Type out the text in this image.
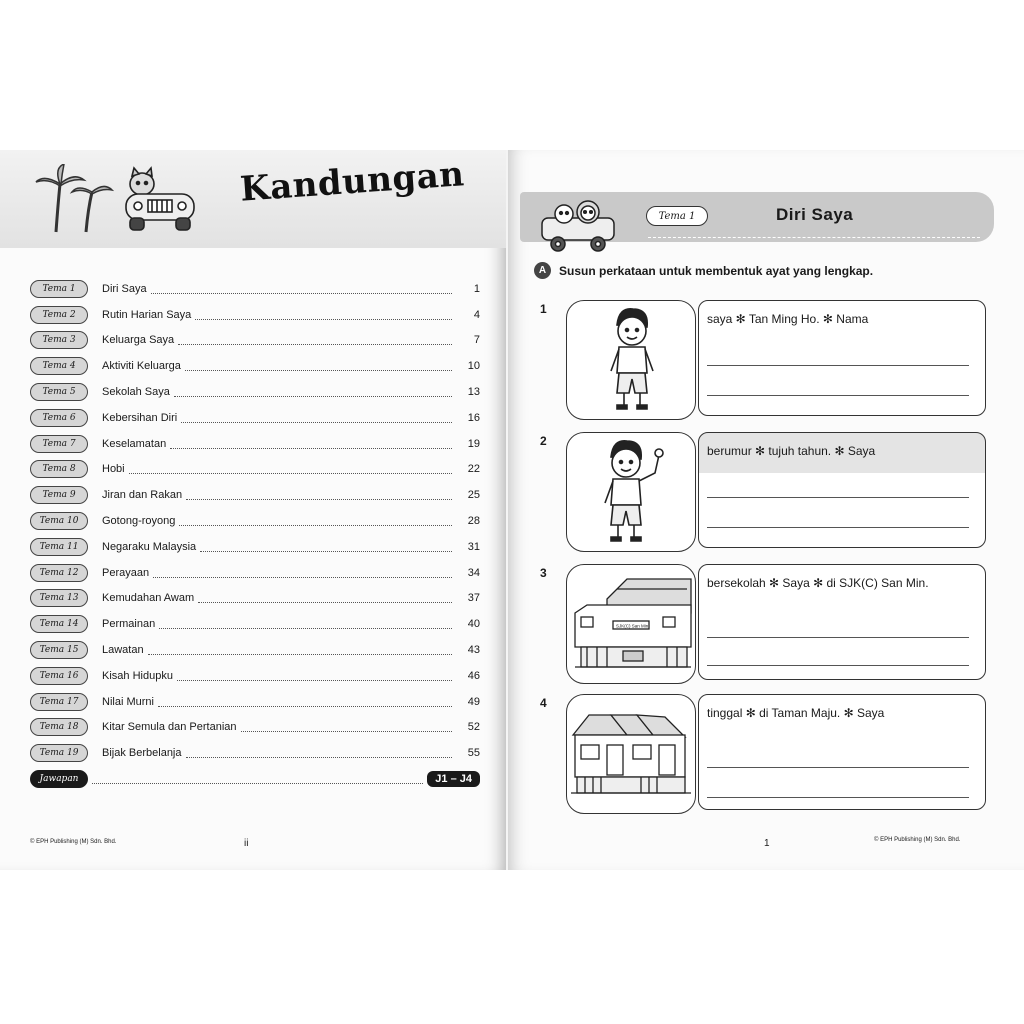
Kandungan
Tema 1	Diri Saya	1
Tema 2	Rutin Harian Saya	4
Tema 3	Keluarga Saya	7
Tema 4	Aktiviti Keluarga	10
Tema 5	Sekolah Saya	13
Tema 6	Kebersihan Diri	16
Tema 7	Keselamatan	19
Tema 8	Hobi	22
Tema 9	Jiran dan Rakan	25
Tema 10	Gotong-royong	28
Tema 11	Negaraku Malaysia	31
Tema 12	Perayaan	34
Tema 13	Kemudahan Awam	37
Tema 14	Permainan	40
Tema 15	Lawatan	43
Tema 16	Kisah Hidupku	46
Tema 17	Nilai Murni	49
Tema 18	Kitar Semula dan Pertanian	52
Tema 19	Bijak Berbelanja	55
Jawapan	J1 – J4
© EPH Publishing (M) Sdn. Bhd.	ii
Tema 1	Diri Saya
A	Susun perkataan untuk membentuk ayat yang lengkap.
1
saya ✻ Tan Ming Ho. ✻ Nama
2
berumur ✻ tujuh tahun. ✻ Saya
3
SJK(C) San Min
bersekolah ✻ Saya ✻ di SJK(C) San Min.
4
tinggal ✻ di Taman Maju. ✻ Saya
1	© EPH Publishing (M) Sdn. Bhd.
